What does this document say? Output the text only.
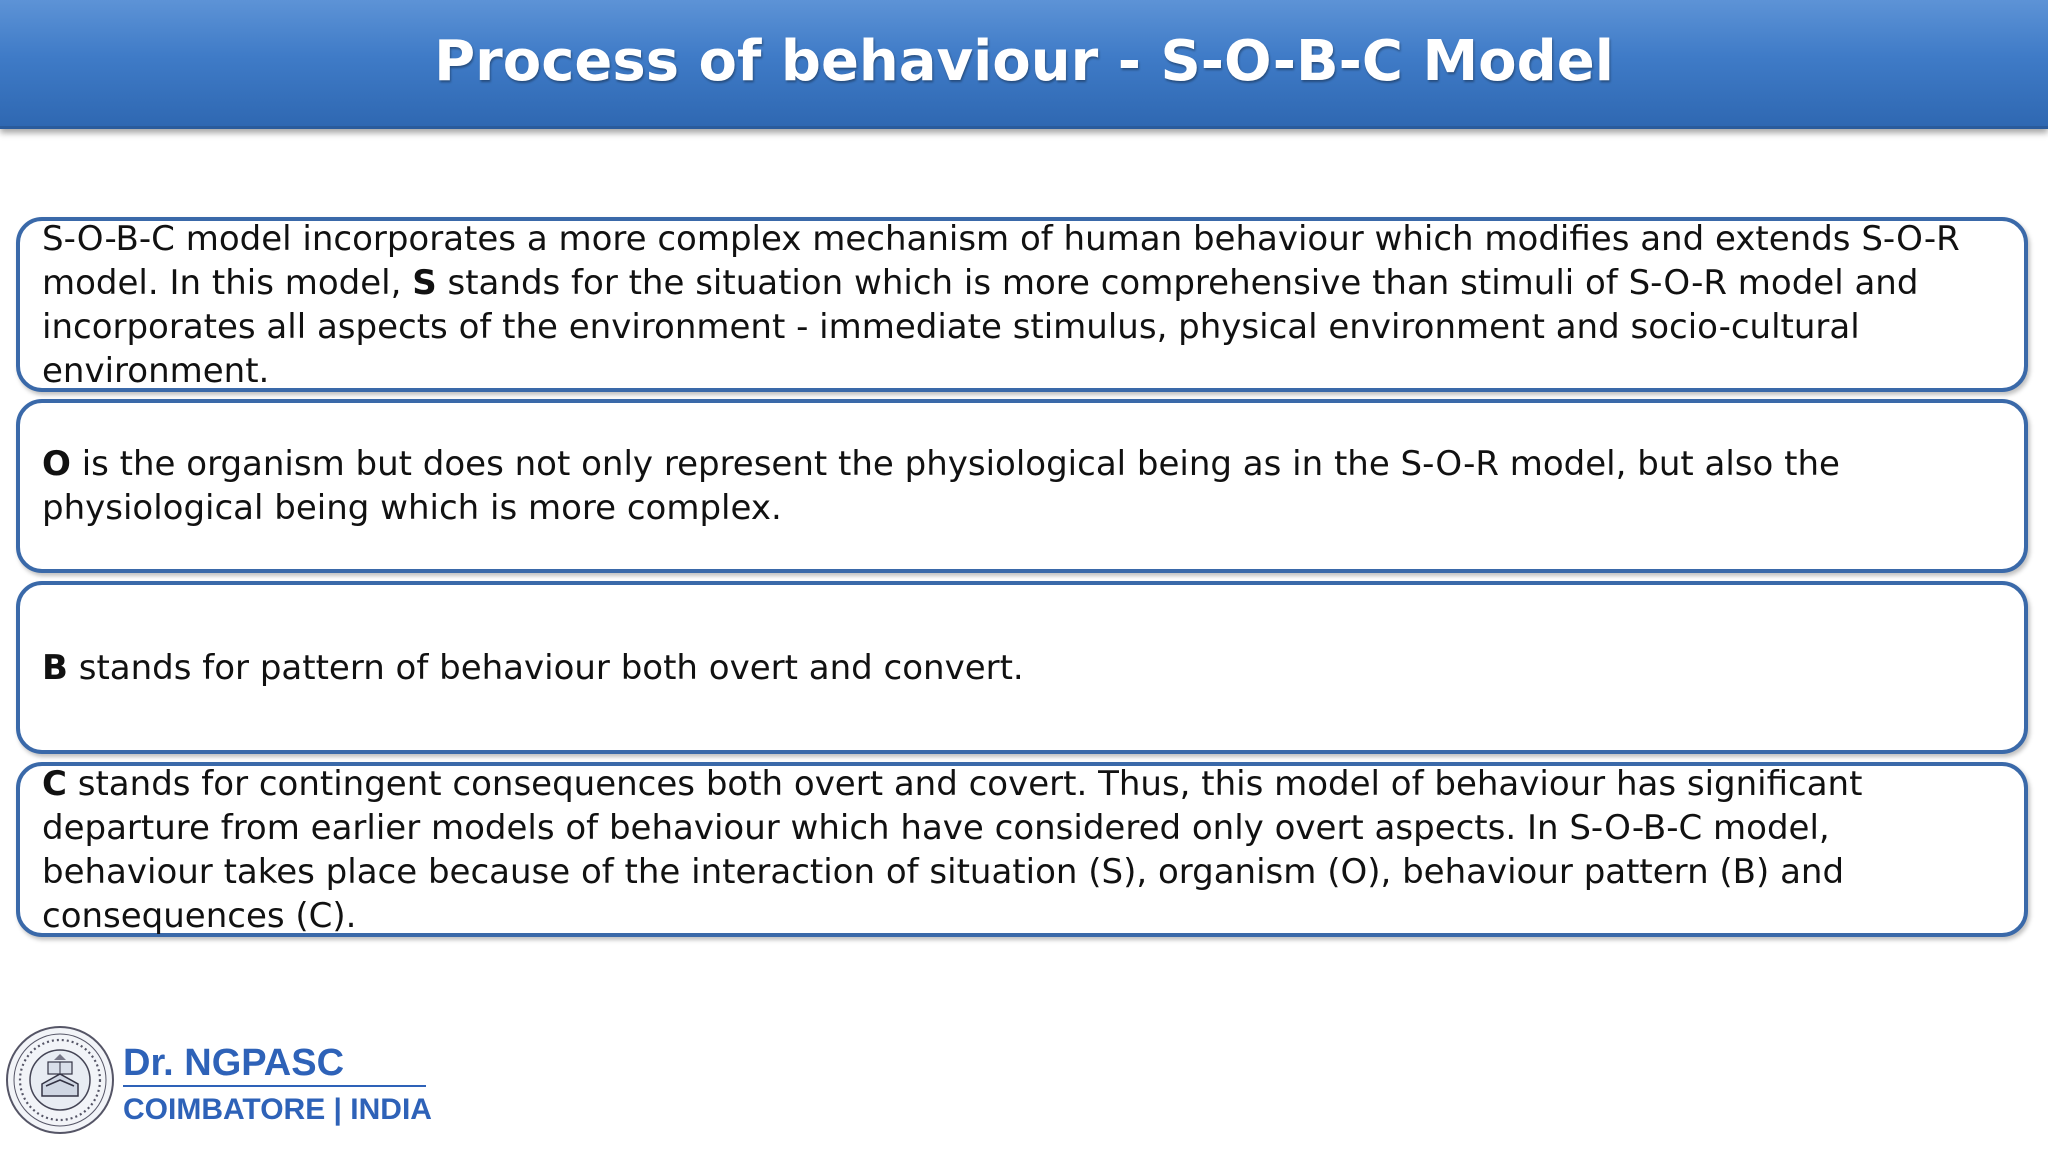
Process of behaviour - S-O-B-C Model
S-O-B-C model incorporates a more complex mechanism of human behaviour which modifies and extends S-O-R model. In this model, S stands for the situation which is more comprehensive than stimuli of S-O-R model and incorporates all aspects of the environment - immediate stimulus, physical environment and socio-cultural environment.
O is the organism but does not only represent the physiological being as in the S-O-R model, but also the physiological being which is more complex.
B stands for pattern of behaviour both overt and convert.
C stands for contingent consequences both overt and covert. Thus, this model of behaviour has significant departure from earlier models of behaviour which have considered only overt aspects. In S-O-B-C model, behaviour takes place because of the interaction of situation (S), organism (O), behaviour pattern (B) and consequences (C).
Dr. NGPASC
COIMBATORE | INDIA
